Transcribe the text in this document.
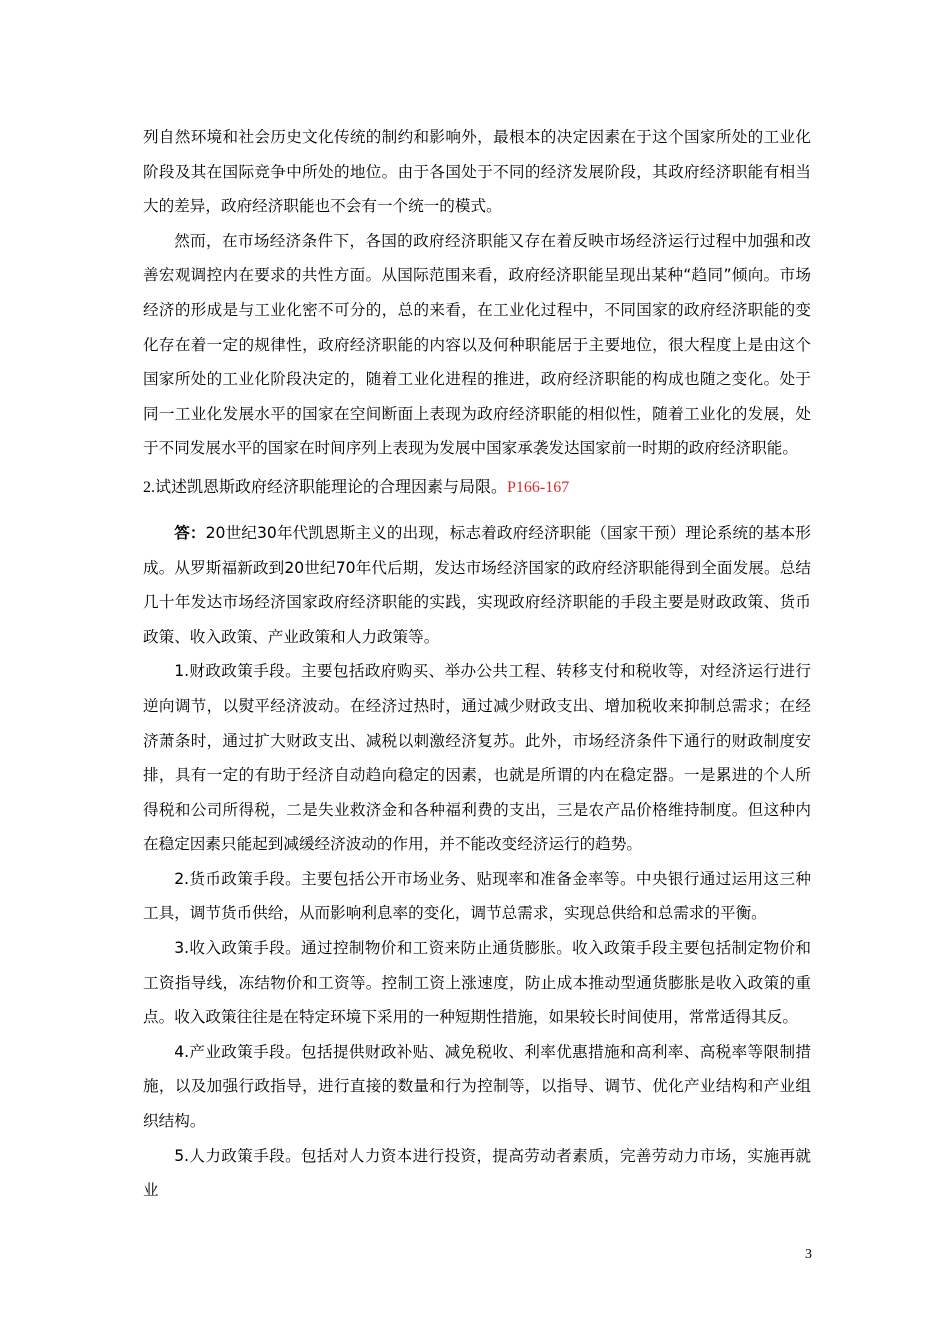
列自然环境和社会历史文化传统的制约和影响外，最根本的决定因素在于这个国家所处的工业化阶段及其在国际竞争中所处的地位。由于各国处于不同的经济发展阶段，其政府经济职能有相当大的差异，政府经济职能也不会有一个统一的模式。

然而，在市场经济条件下，各国的政府经济职能又存在着反映市场经济运行过程中加强和改善宏观调控内在要求的共性方面。从国际范围来看，政府经济职能呈现出某种“趋同”倾向。市场经济的形成是与工业化密不可分的，总的来看，在工业化过程中，不同国家的政府经济职能的变化存在着一定的规律性，政府经济职能的内容以及何种职能居于主要地位，很大程度上是由这个国家所处的工业化阶段决定的，随着工业化进程的推进，政府经济职能的构成也随之变化。处于同一工业化发展水平的国家在空间断面上表现为政府经济职能的相似性，随着工业化的发展，处于不同发展水平的国家在时间序列上表现为发展中国家承袭发达国家前一时期的政府经济职能。

2.试述凯恩斯政府经济职能理论的合理因素与局限。P166-167

答：20世纪30年代凯恩斯主义的出现，标志着政府经济职能（国家干预）理论系统的基本形成。从罗斯福新政到20世纪70年代后期，发达市场经济国家的政府经济职能得到全面发展。总结几十年发达市场经济国家政府经济职能的实践，实现政府经济职能的手段主要是财政政策、货币政策、收入政策、产业政策和人力政策等。

1.财政政策手段。主要包括政府购买、举办公共工程、转移支付和税收等，对经济运行进行逆向调节，以熨平经济波动。在经济过热时，通过减少财政支出、增加税收来抑制总需求；在经济萧条时，通过扩大财政支出、减税以刺激经济复苏。此外，市场经济条件下通行的财政制度安排，具有一定的有助于经济自动趋向稳定的因素，也就是所谓的内在稳定器。一是累进的个人所得税和公司所得税，二是失业救济金和各种福利费的支出，三是农产品价格维持制度。但这种内在稳定因素只能起到减缓经济波动的作用，并不能改变经济运行的趋势。

2.货币政策手段。主要包括公开市场业务、贴现率和准备金率等。中央银行通过运用这三种工具，调节货币供给，从而影响利息率的变化，调节总需求，实现总供给和总需求的平衡。

3.收入政策手段。通过控制物价和工资来防止通货膨胀。收入政策手段主要包括制定物价和工资指导线，冻结物价和工资等。控制工资上涨速度，防止成本推动型通货膨胀是收入政策的重点。收入政策往往是在特定环境下采用的一种短期性措施，如果较长时间使用，常常适得其反。

4.产业政策手段。包括提供财政补贴、减免税收、利率优惠措施和高利率、高税率等限制措施，以及加强行政指导，进行直接的数量和行为控制等，以指导、调节、优化产业结构和产业组织结构。

5.人力政策手段。包括对人力资本进行投资，提高劳动者素质，完善劳动力市场，实施再就业

3
